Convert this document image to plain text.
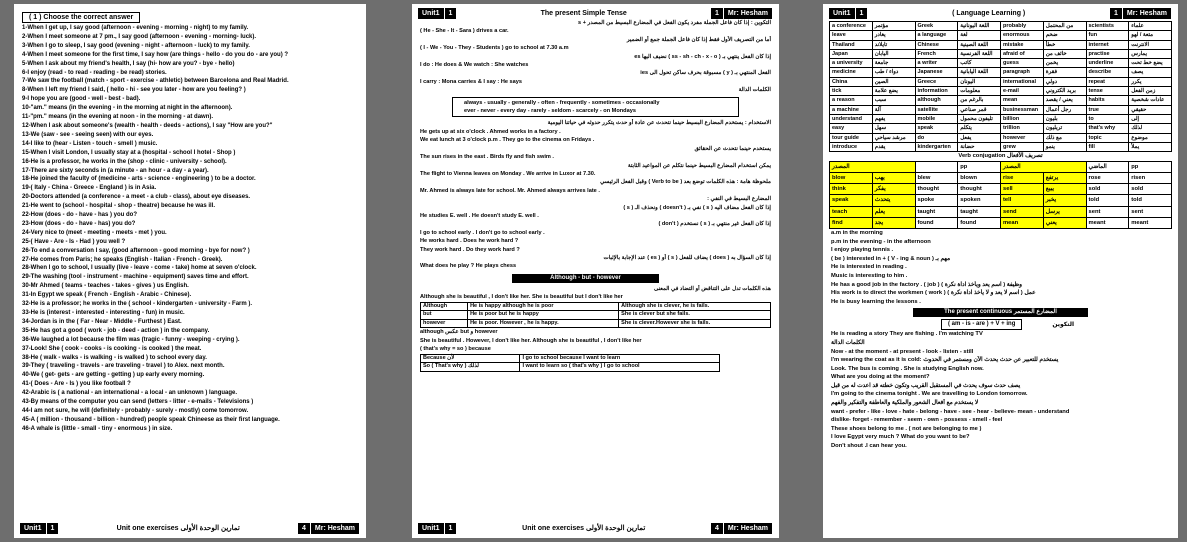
( 1 ) Choose the correct answer
1-When I get up, I say good (afternoon - evening - morning - night) to my family.
2-When I meet someone at 7 pm., I say good (afternoon - evening - morning- luck).
3-When I go to sleep, I say good (evening - night - afternoon - luck) to my family.
4-When I meet someone for the first time, I say how (are things - hello - do you do - are you) ?
5-When I ask about my friend's health, I say (hi- how are you? - bye - hello)
6-I enjoy (read - to read - reading - be read) stories.
7-We saw the football (match - sport - exercise - athletic) between Barcelona and Real Madrid.
8-When I left my friend I said, ( hello - hi - see you later - how are you feeling? )
9-I hope you are (good - well - best - bad).
10-"am." means (in the evening - in the morning at night in the afternoon).
11-"pm." means (in the evening at noon - in the morning - at dawn).
12-When I ask about someone's (wealth - health - deeds - actions), I say "How are you?"
13-We (saw - see - seeing seen) with our eyes.
14-I like to (hear - Listen - touch - smell ) music.
15-When I visit London, I usually stay at a (hospital - school I hotel - Shop )
16-He is a professor, he works in the (shop - clinic - university - school).
17-There are sixty seconds in (a minute - an hour - a day - a year).
18-He joined the faculty of (medicine - arts - science - engineering ) to be a doctor.
19-( Italy - China - Greece - England ) is in Asia.
20-Doctors attended (a conference - a meet - a club - class), about eye diseases.
21-He went to (school - hospital - shop - theatre) because he was ill.
22-How (does - do - have - has ) you do?
23-How (does - do - have - has) you do?
24-Very nice to (meet - meeting - meets - met ) you.
25-( Have - Are - Is - Had ) you well ?
26-To end a conversation I say, (good afternoon - good morning - bye for now? )
27-He comes from Paris; he speaks (English - Italian - French - Greek).
28-When I go to school, I usually (live - leave - come - take) home at seven o'clock.
29-The washing (tool - instrument - machine - equipment) saves time and effort.
30-Mr Ahmed ( teams - teaches - takes - gives ) us English.
31-In Egypt we speak ( French - English - Arabic - Chinese).
32-He is a professor; he works in the ( school - kindergarten - university - Farm ).
33-He is (interest - interested - interesting - fun) in music.
34-Jordan is in the ( Far - Near - Middle - Furthest ) East.
35-He has got a good ( work - job - deed - action ) in the company.
36-We laughed a lot because the film was (tragic - funny - weeping - crying ).
37-Look! She ( cook - cooks - is cooking - is cooked ) the meat.
38-He ( walk - walks - is walking - is walked ) to school every day.
39-They ( traveling - travels - are traveling - travel ) to Alex. next month.
40-We ( get- gets - are getting - getting ) up early every morning.
41-( Does - Are - Is ) you like football ?
42-Arabic is ( a national - an international - a local - an unknown ) language.
43-By means of the computer you can send (letters - litter - e-mails - Televisions )
44-I am not sure, he will (definitely - probably - surely - mostly) come tomorrow.
45-A ( million - thousand - billion - hundred) people speak Chineese as their first language.
46-A whale is (little - small - tiny - enormous ) in size.
Unit1	1	Unit one exercises تمارين الوحدة الأولى	4	Mr: Hesham
Unit1	1	The present Simple Tense	1	Mr: Hesham
التكوين : إذا كان فاعل الجملة مفرد يكون الفعل في المضارع البسيط من المصدر + s
( He - She - It - Sara ) drives a car.
أما من التصريف الأول فقط إذا كان فاعل الجملة جمع أو الضمير
( I - We - You - They - Students ) go to school at 7.30 a.m
إذا كان الفعل ينتهي بـ ( ss - sh - ch - x - o ) نضيف اليها es
I do : He does & We watch : She watches
الفعل المنتهي بـ ( y ) مسبوقة بحرف ساكن تحول الى ies
I carry : Mona carries & I say : He says
الكلمات الدالة
always - usually - generally - often - frequently - sometimes - occasionally
ever - never - every day - rarely - seldom - scarcely - on Mondays
الاستخدام : يستخدم المضارع البسيط حينما نتحدث عن عادة أو حدث يتكرر حدوثه في حياتنا اليومية
He gets up at six o'clock . Ahmed works in a factory .
We eat lunch at 3 o'clock p.m . They go to the cinema on Fridays .
يستخدم حينما نتحدث عن الحقائق
The sun rises in the east . Birds fly and fish swim .
يمكن استخدام المضارع البسيط حينما نتكلم عن المواعيد الثابتة
The flight to Vienna leaves on Monday . We arrive in Luxor at 7.30.
ملحوظة هامة : هذه الكلمات توضع بعد ( Verb to be ) وقبل الفعل الرئيسي
Mr. Ahmed is always late for school. Mr. Ahmed always arrives late .
المضارع البسيط في النفي :
إذا كان الفعل مضاف اليه ( s ) نفي بـ ( doesn't ) ونحذف الـ ( s )
He studies E. well . He doesn't study E. well .
إذا كان الفعل غير منتهي بـ ( s ) نستخدم ( don't )
I go to school early . I don't go to school early .
He works hard . Does he work hard ?
They work hard . Do they work hard ?
إذا كان السؤال به ( does ) يضاف للفعل ( s ) أو ( es ) عند الإجابة بالإثبات
What does he play ? He plays chess
Although - but - however
هذه الكلمات تدل على التناقض أو التضاد في المعنى
Although she is beautiful , I don't like her. She is beautiful but I don't like her
Although	He is happy although he is poor	Although she is clever, he is fails.
but	He is poor but he is happy	She is clever but she fails.
however	He is poor. However , he is happy.	She is clever.However she is fails.
although عكس but و however
She is beautiful . However, I don't like her. Although she is beautiful , I don't like her
( that's why = so ) because
Because لأن	I go to school because I want to learn
So ( That's why ) لذلك	I want to learn so ( that's why ) I go to school
Unit1	1	Unit one exercises تمارين الوحدة الأولى	4	Mr: Hesham
Unit1	1	( Language Learning )	1	Mr: Hesham
a conference	مؤتمر	Greek	اللغة اليونانية	probably	من المحتمل	scientists	علماء
leave	يغادر	a language	لغة	enormous	ضخم	fun	متعة / لهو
Thailand	تايلاند	Chinese	اللغة الصينية	mistake	خطأ	internet	الانترنت
Japan	اليابان	French	اللغة الفرنسية	afraid of	خائف من	practise	يمارس
a university	جامعة	a writer	كاتب	guess	يخمن	underline	يضع خط تحت
medicine	دواء / طب	Japanese	اللغة اليابانية	paragraph	فقرة	describe	يصف
China	الصين	Greece	اليونان	international	دولي	repeat	يكرر
tick	يضع علامة	information	معلومات	e-mail	بريد الكتروني	tense	زمن الفعل
a reason	سبب	although	بالرغم من	mean	يعني / يقصد	habits	عادات شخصية
a machine	آلة	satellite	قمر صناعي	businessman	رجل أعمال	true	حقيقي
understand	يفهم	mobile	تليفون محمول	billion	بليون	to	إلى
easy	سهل	speak	يتكلم	trillion	تريليون	that's why	لذلك
tour guide	مرشد سياحي	do	يفعل	however	مع ذلك	topic	موضوع
introduce	يقدم	kindergarten	حضانة	grew	ينمو	fill	يملأ
Verb conjugation تصريف الأفعال
المصدر			pp	المصدر		الماضي	pp
blow	يهب	blew	blown	rise	يرتفع	rose	risen
think	يفكر	thought	thought	sell	يبيع	sold	sold
speak	يتحدث	spoke	spoken	tell	يخبر	told	told
teach	يعلم	taught	taught	send	يرسل	sent	sent
find	يجد	found	found	mean	يعني	meant	meant
a.m in the morning
p.m in the evening - in the afternoon
I enjoy playing tennis .
( be ) interested in + ( V - ing & noun ) مهم بـ
He is interested in reading .
Music is interesting to him .
He has a good job in the factory . ( job ) وظيفة ( اسم يعد ويأخذ اداة نكرة )
His work is to direct the workmen ( work ) عمل ( اسم لا يعد و لا يأخذ اداة نكرة )
He is busy learning the lessons .
The present continuous المضارع المستمر
( am - is - are ) + V + ing	التكوين
He is reading a story They are fishing . I'm watching TV
الكلمات الدالة
Now - at the moment - at present - look - listen - still
I'm wearing the coat as it is cold: يستخدم للتعبير عن حدث يحدث الآن ومستمر في الحدوث
Look. The bus is coming . She is studying English now.
What are you doing at the moment?
يصف حدث سوف يحدث في المستقبل القريب وتكون خطته قد اعدت له من قبل
I'm going to the cinema tonight . We are travelling to London tomorrow.
لا يستخدم مع أفعال الشعور والملكية والعاطفة والتفكير والفهم
want - prefer - like - love - hate - belong - have - see - hear - believe- mean - understand
dislike- forget - remember - seem - own - possess - smell - feel
These shoes belong to me . ( not are belonging to me )
I love Egypt very much ? What do you want to be?
Don't shout .I can hear you.
